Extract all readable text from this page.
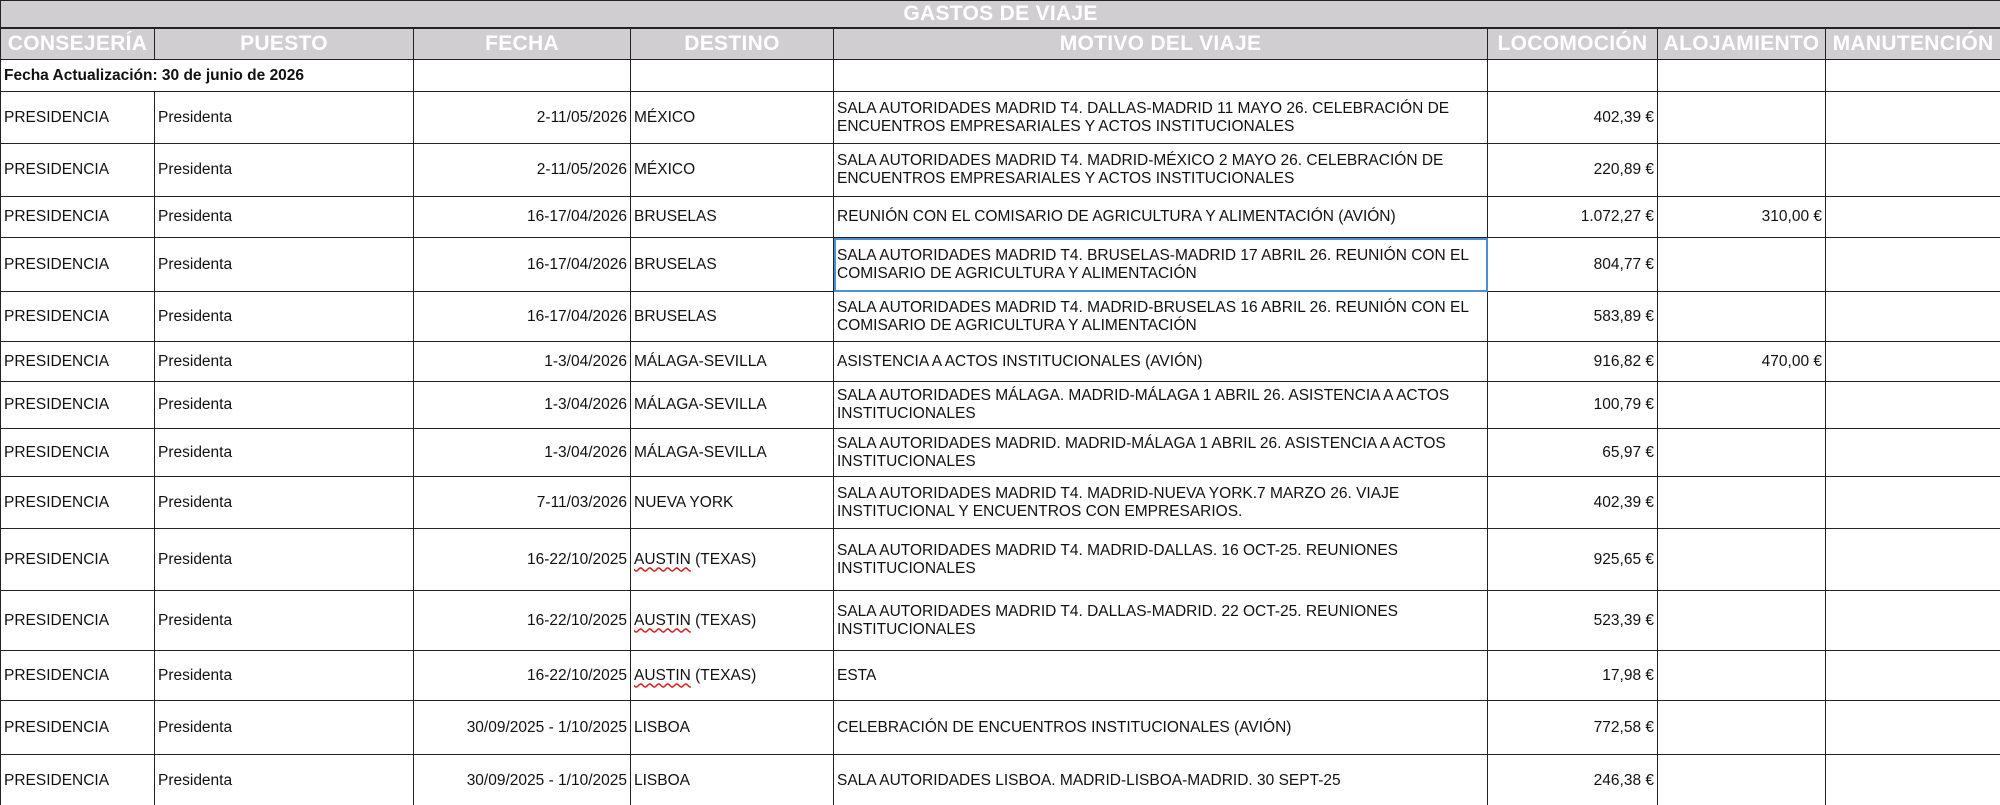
GASTOS DE VIAJE							
CONSEJERÍA	PUESTO	FECHA	DESTINO	MOTIVO DEL VIAJE	LOCOMOCIÓN	ALOJAMIENTO	MANUTENCIÓN
Fecha Actualización: 30 de junio de 2026							
PRESIDENCIA	Presidenta	2-11/05/2026	MÉXICO	SALA AUTORIDADES MADRID T4. DALLAS-MADRID 11 MAYO 26. CELEBRACIÓN DE ENCUENTROS EMPRESARIALES Y ACTOS INSTITUCIONALES	402,39 €		
PRESIDENCIA	Presidenta	2-11/05/2026	MÉXICO	SALA AUTORIDADES MADRID T4. MADRID-MÉXICO 2 MAYO 26. CELEBRACIÓN DE ENCUENTROS EMPRESARIALES Y ACTOS INSTITUCIONALES	220,89 €		
PRESIDENCIA	Presidenta	16-17/04/2026	BRUSELAS	REUNIÓN CON EL COMISARIO DE AGRICULTURA Y ALIMENTACIÓN (AVIÓN)	1.072,27 €	310,00 €	
PRESIDENCIA	Presidenta	16-17/04/2026	BRUSELAS	SALA AUTORIDADES MADRID T4. BRUSELAS-MADRID 17 ABRIL 26. REUNIÓN CON EL COMISARIO DE AGRICULTURA Y ALIMENTACIÓN	804,77 €		
PRESIDENCIA	Presidenta	16-17/04/2026	BRUSELAS	SALA AUTORIDADES MADRID T4. MADRID-BRUSELAS 16 ABRIL 26. REUNIÓN CON EL COMISARIO DE AGRICULTURA Y ALIMENTACIÓN	583,89 €		
PRESIDENCIA	Presidenta	1-3/04/2026	MÁLAGA-SEVILLA	ASISTENCIA A ACTOS INSTITUCIONALES (AVIÓN)	916,82 €	470,00 €	
PRESIDENCIA	Presidenta	1-3/04/2026	MÁLAGA-SEVILLA	SALA AUTORIDADES MÁLAGA. MADRID-MÁLAGA 1 ABRIL 26. ASISTENCIA A ACTOS INSTITUCIONALES	100,79 €		
PRESIDENCIA	Presidenta	1-3/04/2026	MÁLAGA-SEVILLA	SALA AUTORIDADES MADRID. MADRID-MÁLAGA 1 ABRIL 26. ASISTENCIA A ACTOS INSTITUCIONALES	65,97 €		
PRESIDENCIA	Presidenta	7-11/03/2026	NUEVA YORK	SALA AUTORIDADES MADRID T4. MADRID-NUEVA YORK.7 MARZO 26. VIAJE INSTITUCIONAL Y ENCUENTROS CON EMPRESARIOS.	402,39 €		
PRESIDENCIA	Presidenta	16-22/10/2025	AUSTIN (TEXAS)	SALA AUTORIDADES MADRID T4. MADRID-DALLAS. 16 OCT-25. REUNIONES INSTITUCIONALES	925,65 €		
PRESIDENCIA	Presidenta	16-22/10/2025	AUSTIN (TEXAS)	SALA AUTORIDADES MADRID T4. DALLAS-MADRID. 22 OCT-25. REUNIONES INSTITUCIONALES	523,39 €		
PRESIDENCIA	Presidenta	16-22/10/2025	AUSTIN (TEXAS)	ESTA	17,98 €		
PRESIDENCIA	Presidenta	30/09/2025 - 1/10/2025	LISBOA	CELEBRACIÓN DE ENCUENTROS INSTITUCIONALES (AVIÓN)	772,58 €		
PRESIDENCIA	Presidenta	30/09/2025 - 1/10/2025	LISBOA	SALA AUTORIDADES LISBOA. MADRID-LISBOA-MADRID. 30 SEPT-25	246,38 €		
